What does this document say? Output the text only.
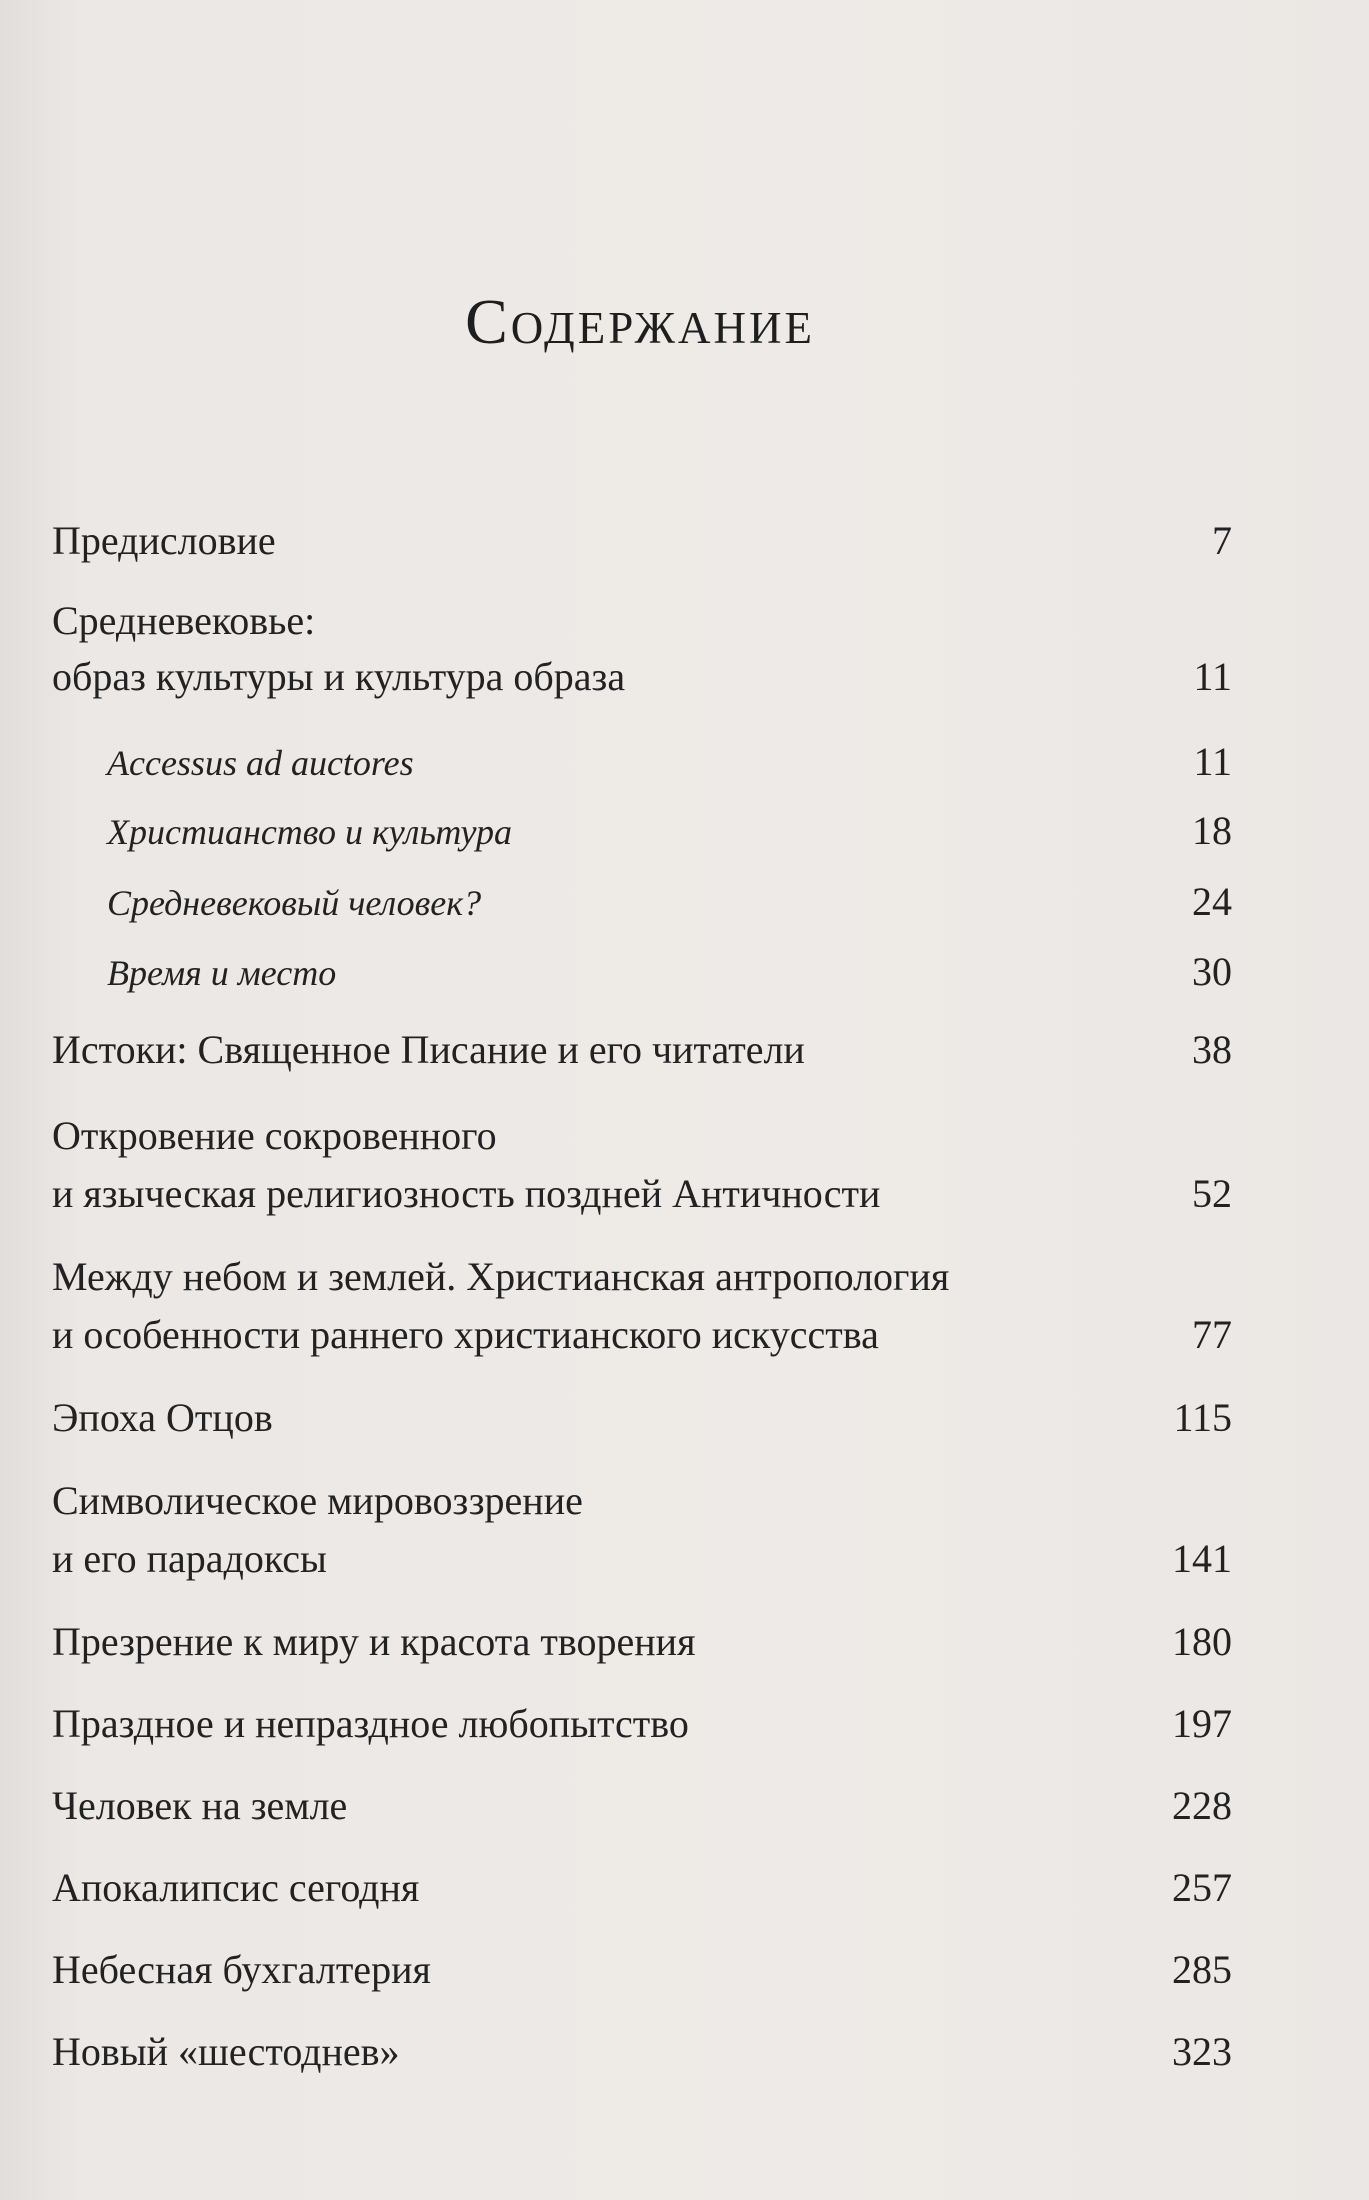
Содержание
Предисловие . . .	7
Средневековье:
образ культуры и культура образа . . .	11
Accessus ad auctores . . .	11
Христианство и культура . . .	18
Средневековый человек? . . .	24
Время и место . . .	30
Истоки: Священное Писание и его читатели . . .	38
Откровение сокровенного
и языческая религиозность поздней Античности . . .	52
Между небом и землей. Христианская антропология
и особенности раннего христианского искусства . . .	77
Эпоха Отцов . . .	115
Символическое мировоззрение
и его парадоксы . . .	141
Презрение к миру и красота творения . . .	180
Праздное и непраздное любопытство . . .	197
Человек на земле . . .	228
Апокалипсис сегодня . . .	257
Небесная бухгалтерия . . .	285
Новый «шестоднев» . . .	323
